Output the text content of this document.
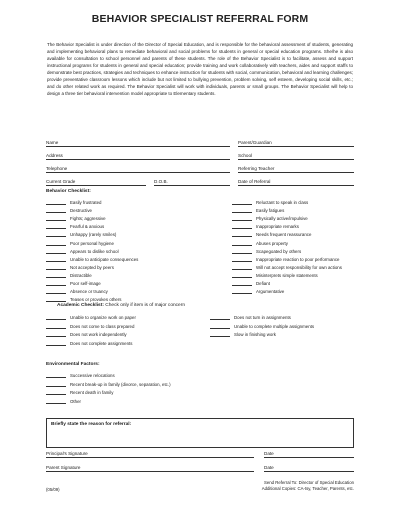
BEHAVIOR SPECIALIST REFERRAL FORM

The Behavior Specialist is under direction of the Director of Special Education, and is responsible for the behavioral assessment of students, generating and implementing behavioral plans to remediate behavioral and social problems for students in general or special education programs. She/he is also available for consultation to school personnel and parents of these students. The role of the Behavior Specialist is to facilitate, assess and support instructional programs for students in general and special education; provide training and work collaboratively with teachers, aides and support staffs to demonstrate best practices, strategies and techniques to enhance instruction for students with social, communication, behavioral and learning challenges; provide preventative classroom lessons which include but not limited to bullying prevention, problem solving, self esteem, developing social skills, etc.; and do other related work as required. The Behavior Specialist will work with individuals, parents or small groups. The Behavior Specialist will help to design a three tier behavioral intervention model appropriate to Elementary students.

Name	Parent/Guardian
Address	School
Telephone	Referring Teacher
Current Grade	D.O.B.	Date of Referral
Behavior Checklist:
Easily frustrated
Destructive
Fights; aggressive
Fearful & anxious
Unhappy (rarely smiles)
Poor personal hygiene
Appears to dislike school
Unable to anticipate consequences
Not accepted by peers
Distractible
Poor self-image
Absence or truancy
Teases or provokes others
Reluctant to speak in class
Easily fatigues
Physically active/impulsive
Inappropriate remarks
Needs frequent reassurance
Abuses property
Scapegoated by others
Inappropriate reaction to poor performance
Will not accept responsibility for own actions
Misinterprets simple statements
Defiant
Argumentative
Academic Checklist: Check only if item is of major concern
Unable to organize work on paper
Does not come to class prepared
Does not work independently
Does not complete assignments
Does not turn in assignments
Unable to complete multiple assignments
Slow in finishing work
Environmental Factors:
Successive relocations
Recent break-up in family (divorce, separation, etc.)
Recent death in family
Other
Briefly state the reason for referral:
Principal's Signature	Date
Parent Signature	Date
(05/09)
Send Referral To: Director of Special Education
Additional Copies: CA-tsy, Teacher, Parents, etc.
